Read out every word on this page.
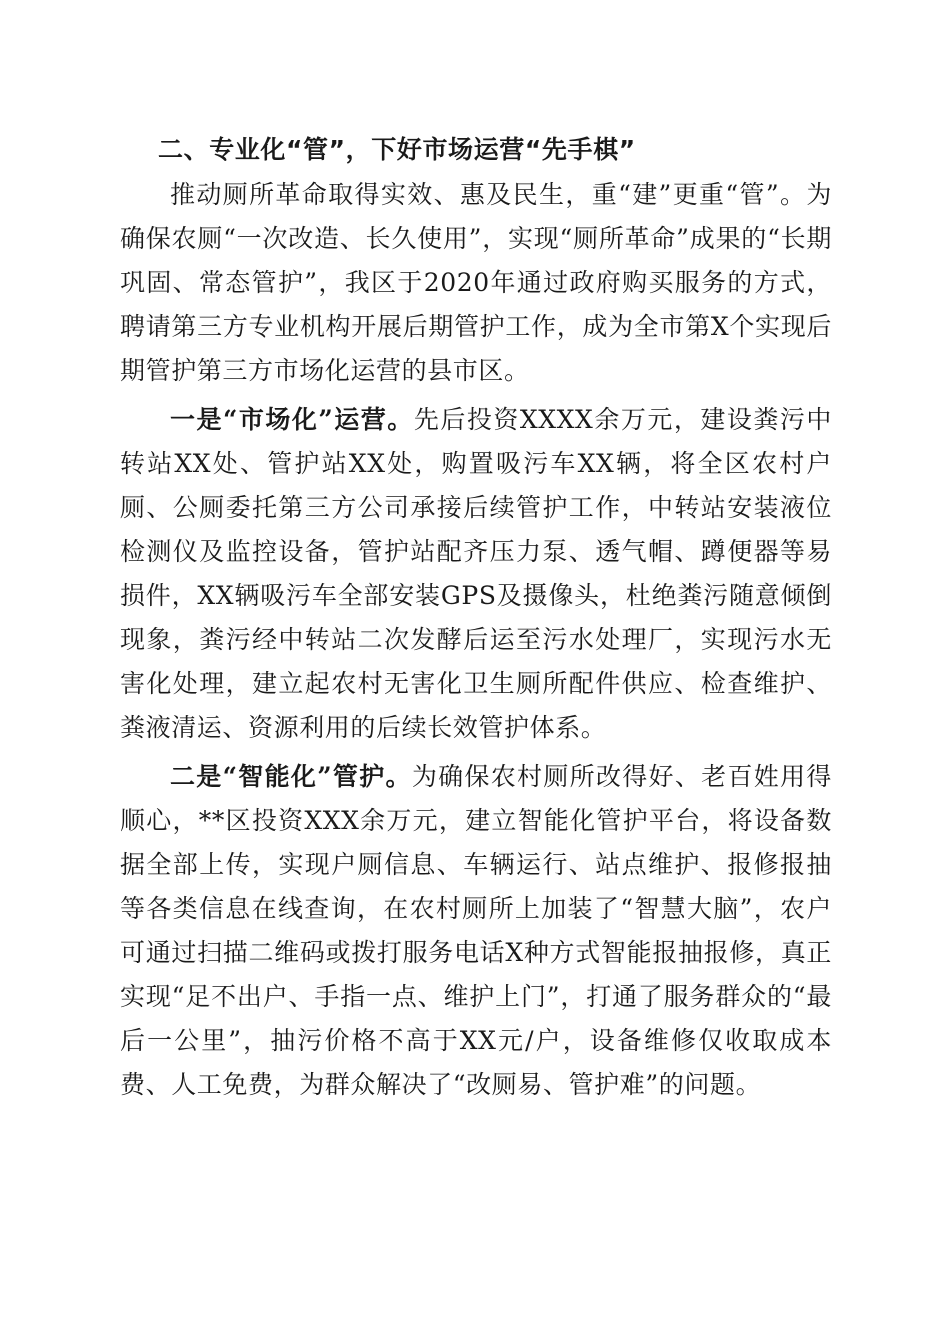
二、专业化“管”，下好市场运营“先手棋”

推动厕所革命取得实效、惠及民生，重“建”更重“管”。为确保农厕“一次改造、长久使用”，实现“厕所革命”成果的“长期巩固、常态管护”，我区于2020年通过政府购买服务的方式，聘请第三方专业机构开展后期管护工作，成为全市第X个实现后期管护第三方市场化运营的县市区。

一是“市场化”运营。先后投资XXXX余万元，建设粪污中转站XX处、管护站XX处，购置吸污车XX辆，将全区农村户厕、公厕委托第三方公司承接后续管护工作，中转站安装液位检测仪及监控设备，管护站配齐压力泵、透气帽、蹲便器等易损件，XX辆吸污车全部安装GPS及摄像头，杜绝粪污随意倾倒现象，粪污经中转站二次发酵后运至污水处理厂，实现污水无害化处理，建立起农村无害化卫生厕所配件供应、检查维护、粪液清运、资源利用的后续长效管护体系。

二是“智能化”管护。为确保农村厕所改得好、老百姓用得顺心，**区投资XXX余万元，建立智能化管护平台，将设备数据全部上传，实现户厕信息、车辆运行、站点维护、报修报抽等各类信息在线查询，在农村厕所上加装了“智慧大脑”，农户可通过扫描二维码或拨打服务电话X种方式智能报抽报修，真正实现“足不出户、手指一点、维护上门”，打通了服务群众的“最后一公里”，抽污价格不高于XX元/户，设备维修仅收取成本费、人工免费，为群众解决了“改厕易、管护难”的问题。
